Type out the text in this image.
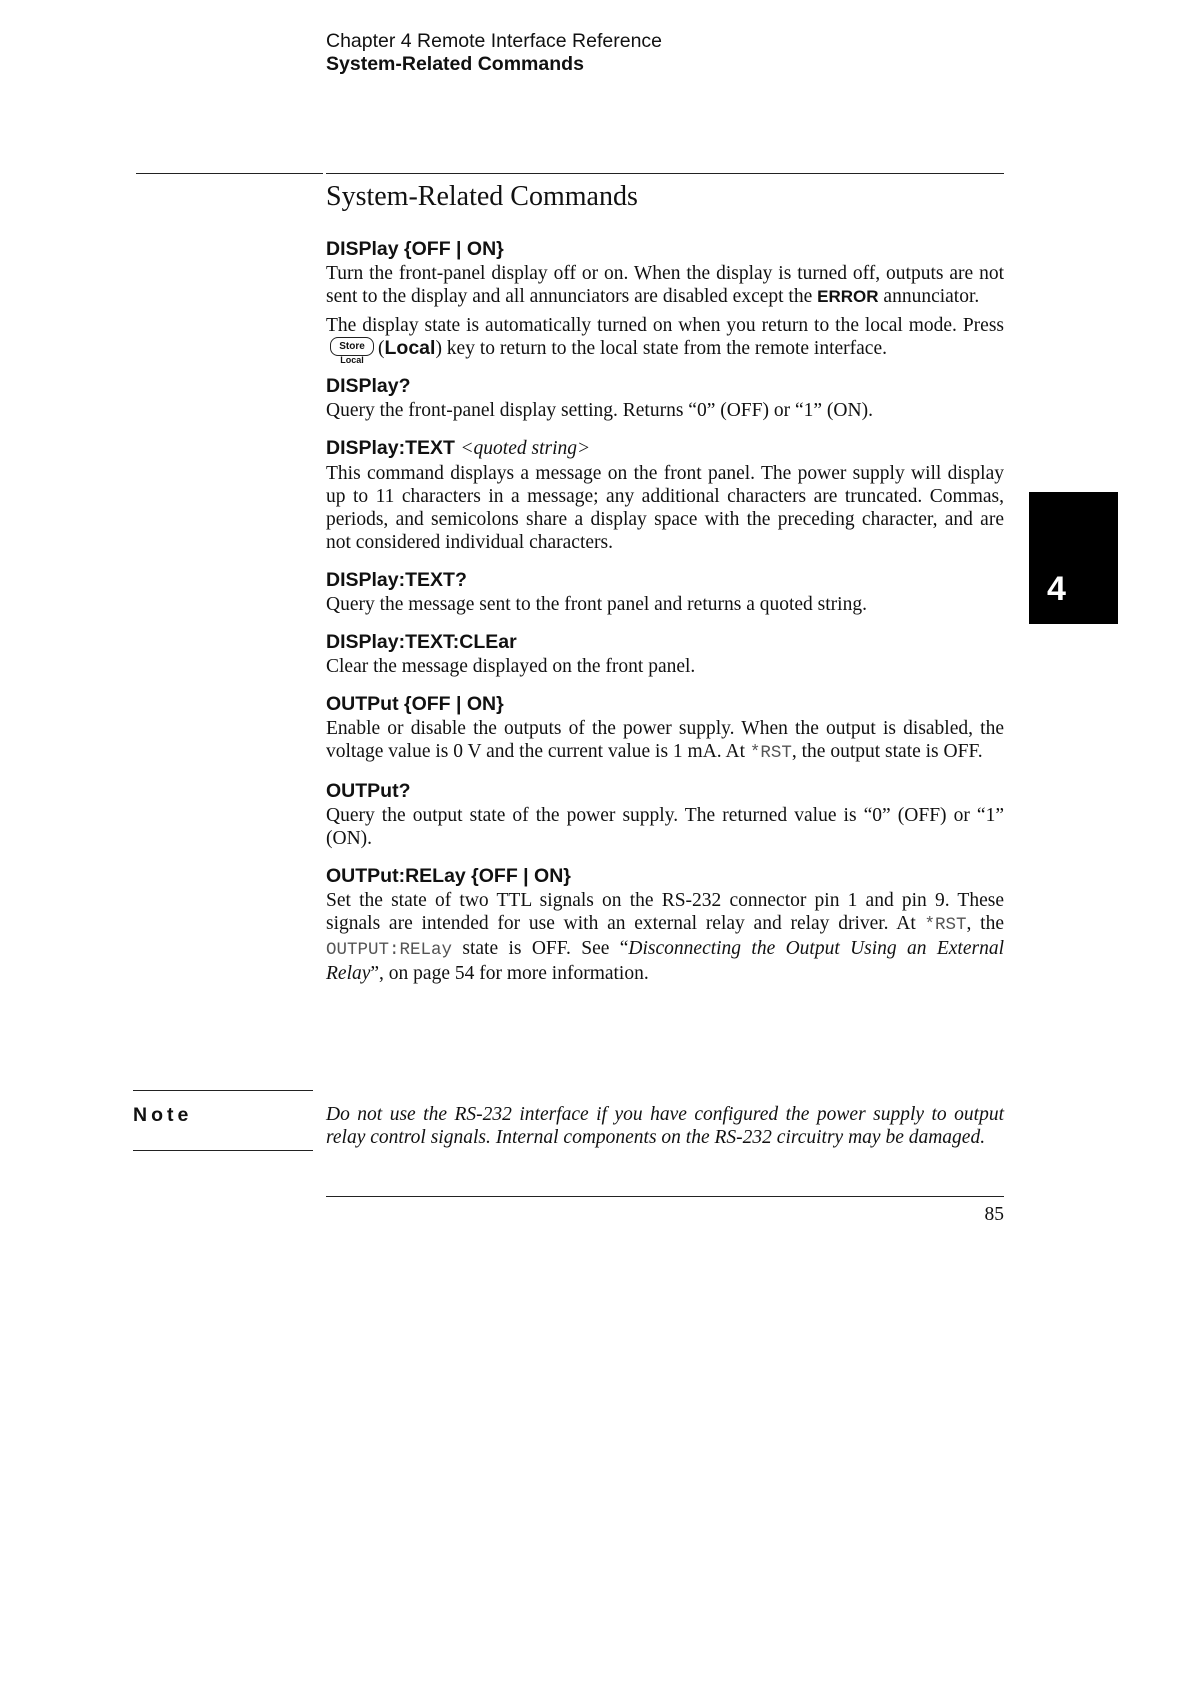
Chapter 4 Remote Interface Reference
System-Related Commands
System-Related Commands

DISPlay {OFF | ON}

Turn the front-panel display off or on. When the display is turned off, outputs are not sent to the display and all annunciators are disabled except the ERROR annunciator.

The display state is automatically turned on when you return to the local mode. Press
Store
Local
(Local) key to return to the local state from the remote interface.

DISPlay?

Query the front-panel display setting. Returns “0” (OFF) or “1” (ON).

DISPlay:TEXT <quoted string>

This command displays a message on the front panel. The power supply will display up to 11 characters in a message; any additional characters are truncated. Commas, periods, and semicolons share a display space with the preceding character, and are not considered individual characters.

DISPlay:TEXT?

Query the message sent to the front panel and returns a quoted string.

DISPlay:TEXT:CLEar

Clear the message displayed on the front panel.

OUTPut {OFF | ON}

Enable or disable the outputs of the power supply. When the output is disabled, the voltage value is 0 V and the current value is 1 mA. At *RST, the output state is OFF.

OUTPut?

Query the output state of the power supply. The returned value is “0” (OFF) or “1” (ON).

OUTPut:RELay {OFF | ON}

Set the state of two TTL signals on the RS-232 connector pin 1 and pin 9. These signals are intended for use with an external relay and relay driver. At *RST, the OUTPUT:RELay state is OFF. See “Disconnecting the Output Using an External Relay”, on page 54 for more information.

Note	Do not use the RS-232 interface if you have configured the power supply to output relay control signals. Internal components on the RS-232 circuitry may be damaged.

85
4
